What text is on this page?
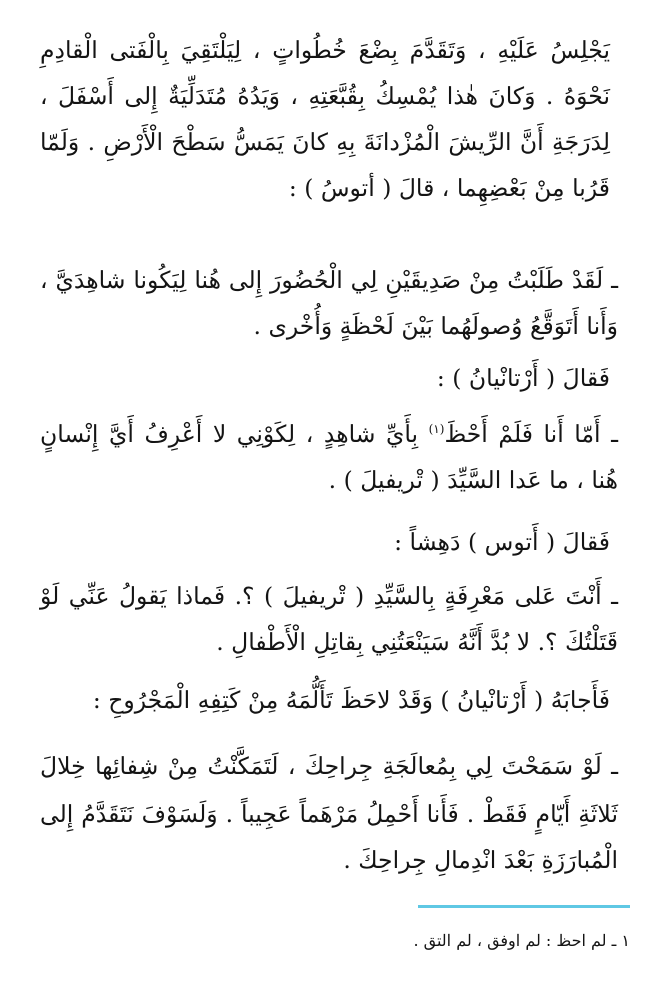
يَجْلِسُ عَلَيْهِ ، وَتَقَدَّمَ بِضْعَ خُطُواتٍ ، لِيَلْتَقِيَ بِالْفَتى الْقادِمِ
نَحْوَهُ . وَكانَ هٰذا يُمْسِكُ بِقُبَّعَتِهِ ، وَيَدُهُ مُتَدَلِّيَةٌ إِلى أَسْفَلَ ،
لِدَرَجَةِ أَنَّ الرِّيشَ الْمُزْدانَةَ بِهِ كانَ يَمَسُّ سَطْحَ الْأَرْضِ . وَلَمّا
قَرُبا مِنْ بَعْضِهِما ، قالَ ( أتوسُ ) :
ـ لَقَدْ طَلَبْتُ مِنْ صَدِيقَيْنِ لِي الْحُضُورَ إِلى هُنا لِيَكُونا شاهِدَيَّ ،
وَأَنا أَتَوَقَّعُ وُصولَهُما بَيْنَ لَحْظَةٍ وَأُخْرى .
فَقالَ ( أَرْتانْيانُ ) :
ـ أَمّا أَنا فَلَمْ أَحْظَ$^{(١)}$ بِأَيِّ شاهِدٍ ، لِكَوْنِي لا أَعْرِفُ أَيَّ إِنْسانٍ
هُنا ، ما عَدا السَّيِّدَ ( تْريفيلَ ) .
فَقالَ ( أَتوس ) دَهِشاً :
ـ أَنْتَ عَلى مَعْرِفَةٍ بِالسَّيِّدِ ( تْريفيلَ ) ؟. فَماذا يَقولُ عَنِّي لَوْ
قَتَلْتُكَ ؟. لا بُدَّ أَنَّهُ سَيَنْعَتُنِي بِقاتِلِ الْأَطْفالِ .
فَأَجابَهُ ( أَرْتانْيانُ ) وَقَدْ لاحَظَ تَأَلُّمَهُ مِنْ كَتِفِهِ الْمَجْرُوحِ :
ـ لَوْ سَمَحْتَ لِي بِمُعالَجَةِ جِراحِكَ ، لَتَمَكَّنْتُ مِنْ شِفائِها خِلالَ
ثَلاثَةِ أَيّامٍ فَقَطْ . فَأَنا أَحْمِلُ مَرْهَماً عَجِيباً . وَلَسَوْفَ نَتَقَدَّمُ إِلى
الْمُبارَزَةِ بَعْدَ انْدِمالِ جِراحِكَ .
١ ـ لم احظ : لم اوفق ، لم التق .
